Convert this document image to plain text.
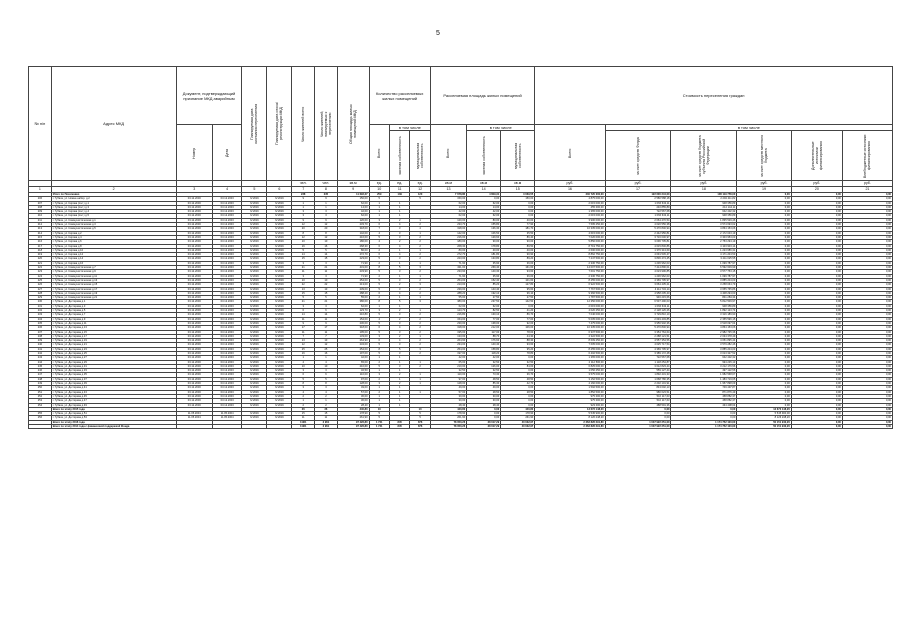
5
№ п/п	Адрес МКД	Документ, подтверждающий признание МКД аварийным		Планируемая дата окончания переселения	Планируемая дата сноса/реконструкции МКД	Число жителей всего	Число жителей, планируемых к переселению	Общая площадь жилых помещений МКД	Количество расселяемых жилых помещений			Расселяемая площадь жилых помещений			Стоимость переселения граждан					

		Номер	Дата						Всего	в том числе		Всего	в том числе		Всего	в том числе				

										частная собственность	муниципальная собственность		частная собственность	муниципальная собственность		за счет средств Фонда	за счет средств бюджета субъекта Российской Федерации	за счет средств местного бюджета	Дополнительные источники финансирования	Внебюджетные источники финансирования

						чел.	чел.	кв.м	ед.	ед.	ед.	кв.м	кв.м	кв.м	руб.	руб.	руб.	руб.	руб.	руб.
1	2	3	4	5	6	7	8	9	10	11	12	13	14	15	16	17	18	19	20	21
	Итого по Поселению					238	235	11 692,27	259	139	120	7 678,86	4 609,31	3 069,55	230 720 000,00	122 600 244,00	108 119 756,00	0,00	0,00	0,00
206	г. Губаха, ул. Нижне-набер. д.2	03.12.2003	03.12.2003	IV.2016	IV.2016	9	9	150,00	5		5	150,00	0,00	150,00	4 875 000,00	2 580 588,18	2 294 411,82	0,00	0,00	0,00
207	г. Губаха, ул. Кирова (пос.) д.1	03.12.2003	03.12.2003	IV.2016	IV.2016	1	1	62,00	1	1		62,00	62,00	0,00	2 015 000,00	1 066 643,11	948 356,89	0,00	0,00	0,00
208	г. Губаха, ул. Кирова (пос.) д.3	03.12.2003	03.12.2003	IV.2016	IV.2016	1	1	14,00	1	1		14,00	14,00	0,00	455 000,00	240 855,89	214 144,11	0,00	0,00	0,00
209	г. Губаха, ул. Кирова (пос.) д.4	03.12.2003	03.12.2003	IV.2016	IV.2016	3	3	42,00	1	1		42,00	42,00	0,00	1 365 000,00	722 567,68	642 432,32	0,00	0,00	0,00
210	г. Губаха, ул. Кирова (пос.) д.5	03.12.2003	03.12.2003	IV.2016	IV.2016	3	3	62,00	1	1		62,00	62,00	0,00	2 015 000,00	1 066 643,11	948 356,89	0,00	0,00	0,00
211	г. Губаха, ул. Коммунистическая д.1	03.12.2003	03.12.2003	IV.2016	IV.2016	9	9	120,00	3	2	1	120,00	80,00	40,00	3 900 000,00	2 064 470,54	1 835 529,46	0,00	0,00	0,00
212	г. Губаха, ул. Коммунистическая д.3	03.12.2003	03.12.2003	IV.2016	IV.2016	12	12	233,70	6	4	2	233,70	155,80	77,90	7 595 250,00	4 020 556,38	3 574 693,62	0,00	0,00	0,00
213	г. Губаха, ул. Коммунистическая д.5	03.12.2003	03.12.2003	IV.2016	IV.2016	20	20	318,00	7	3	4	318,00	136,30	181,70	10 335 000,00	5 470 846,94	4 864 153,06	0,00	0,00	0,00
214	г. Губаха, ул. Кирова д.2	03.12.2003	03.12.2003	IV.2016	IV.2016	8	8	142,00	4	3	1	142,00	106,50	35,50	4 615 000,00	2 442 956,81	2 172 043,19	0,00	0,00	0,00
215	г. Губаха, ул. Кирова д.4	03.12.2003	03.12.2003	IV.2016	IV.2016	12	12	216,00	5	3	2	216,00	129,60	86,40	7 020 000,00	3 716 046,97	3 303 953,03	0,00	0,00	0,00
216	г. Губаха, ул. Кирова д.6	03.12.2003	03.12.2003	IV.2016	IV.2016	10	10	180,00	4	2	2	180,00	90,00	90,00	5 850 000,00	3 096 705,81	2 753 294,19	0,00	0,00	0,00
217	г. Губаха, ул. Кирова д.8	03.12.2003	03.12.2003	IV.2016	IV.2016	16	16	268,30	6	4	2	268,30	178,80	89,50	8 719 750,00	4 615 846,86	4 103 903,14	0,00	0,00	0,00
218	г. Губаха, ул. Кирова д.10	03.12.2003	03.12.2003	IV.2016	IV.2016	5	5	80,00	2	1	1	80,00	40,00	40,00	2 600 000,00	1 376 313,69	1 223 686,31	0,00	0,00	0,00
219	г. Губаха, ул. Кирова д.12	03.12.2003	03.12.2003	IV.2016	IV.2016	14	14	272,70	6	4	2	272,70	181,80	90,90	8 862 750,00	4 691 545,47	4 171 204,53	0,00	0,00	0,00
220	г. Губаха, ул. Кирова д.14	03.12.2003	03.12.2003	IV.2016	IV.2016	15	15	223,00	5	3	2	223,00	133,80	89,20	7 247 500,00	3 836 474,45	3 411 025,55	0,00	0,00	0,00
221	г. Губаха, ул. Кирова д.16	03.12.2003	03.12.2003	IV.2016	IV.2016	3	3	71,90	2	1	1	71,90	35,90	36,00	2 336 750,00	1 236 962,03	1 099 787,97	0,00	0,00	0,00
222	г. Губаха, ул. Коммунистическая д.7	03.12.2003	03.12.2003	IV.2016	IV.2016	21	21	431,00	8	5	3	431,00	269,40	161,60	14 007 500,00	7 414 890,01	6 592 609,99	0,00	0,00	0,00
223	г. Губаха, ул. Коммунистическая д.9	03.12.2003	03.12.2003	IV.2016	IV.2016	11	11	233,90	5	3	2	233,90	140,30	93,60	7 601 750,00	4 023 996,85	3 577 753,15	0,00	0,00	0,00
224	г. Губаха, ул. Коммунистическая д.11	03.12.2003	03.12.2003	IV.2016	IV.2016	3	3	71,90	2	1	1	71,90	35,90	36,00	2 336 750,00	1 236 962,03	1 099 787,97	0,00	0,00	0,00
225	г. Губаха, ул. Коммунистическая д.13	03.12.2003	03.12.2003	IV.2016	IV.2016	10	10	254,00	5	3	2	254,00	152,40	101,60	8 255 000,00	4 369 795,97	3 885 204,03	0,00	0,00	0,00
226	г. Губаха, ул. Коммунистическая д.15	03.12.2003	03.12.2003	IV.2016	IV.2016	22	22	213,00	5	2	3	213,00	85,20	127,80	6 922 500,00	3 664 435,21	3 258 064,79	0,00	0,00	0,00
227	г. Губаха, ул. Коммунистическая д.17	03.12.2003	03.12.2003	IV.2016	IV.2016	13	13	239,00	5	3	2	239,00	143,40	95,60	7 767 500,00	4 111 734,14	3 655 765,86	0,00	0,00	0,00
228	г. Губаха, ул. Коммунистическая д.19	03.12.2003	03.12.2003	IV.2016	IV.2016	15	15	288,20	6	4	2	288,20	192,10	96,10	9 366 500,00	4 958 205,40	4 408 294,60	0,00	0,00	0,00
229	г. Губаха, ул. Коммунистическая д.21	03.12.2003	03.12.2003	IV.2016	IV.2016	5	5	55,00	2	1	1	55,00	27,50	27,50	1 787 500,00	946 215,66	841 284,34	0,00	0,00	0,00
230	г. Губаха, ул. Дегтярева д.1	03.12.2003	03.12.2003	IV.2016	IV.2016	21	21	380,00	8	5	3	380,00	237,50	142,50	12 350 000,00	6 537 490,03	5 812 509,97	0,00	0,00	0,00
231	г. Губаха, ул. Дегтярева д.3	03.12.2003	03.12.2003	IV.2016	IV.2016	3	3	62,00	1	1		62,00	62,00	0,00	2 015 000,00	1 066 643,11	948 356,89	0,00	0,00	0,00
232	г. Губаха, ул. Дегтярева д.5	03.12.2003	03.12.2003	IV.2016	IV.2016	6	6	123,70	3	2	1	123,70	82,50	41,20	4 020 250,00	2 128 126,26	1 892 123,74	0,00	0,00	0,00
233	г. Губаха, ул. Дегтярева д.7	03.12.2003	03.12.2003	IV.2016	IV.2016	14	14	216,80	5	3	2	216,80	130,10	86,70	7 046 000,00	3 729 810,10	3 316 189,90	0,00	0,00	0,00
234	г. Губаха, ул. Дегтярева д.9	03.12.2003	03.12.2003	IV.2016	IV.2016	11	11	154,00	4	2	2	154,00	77,00	77,00	5 005 000,00	2 649 403,85	2 355 596,15	0,00	0,00	0,00
235	г. Губаха, ул. Дегтярева д.11	03.12.2003	03.12.2003	IV.2016	IV.2016	9	9	230,00	5	3	2	230,00	138,00	92,00	7 475 000,00	3 956 902,36	3 518 097,64	0,00	0,00	0,00
236	г. Губаха, ул. Дегтярева д.13	03.12.2003	03.12.2003	IV.2016	IV.2016	17	17	318,00	6	4	2	318,00	212,00	106,00	10 335 000,00	5 470 846,94	4 864 153,06	0,00	0,00	0,00
237	г. Губаха, ул. Дегтярева д.15	03.12.2003	03.12.2003	IV.2016	IV.2016	11	11	195,00	5	3	2	195,00	117,00	78,00	6 337 500,00	3 354 764,64	2 982 735,36	0,00	0,00	0,00
238	г. Губаха, ул. Дегтярева д.17	03.12.2003	03.12.2003	IV.2016	IV.2016	7	7	133,00	3	2	1	133,00	88,70	44,30	4 322 500,00	2 288 121,51	2 034 378,49	0,00	0,00	0,00
239	г. Губаха, ул. Дегтярева д.19	03.12.2003	03.12.2003	IV.2016	IV.2016	13	13	264,90	6	4	2	264,90	176,60	88,30	8 609 250,00	4 557 354,56	4 051 895,44	0,00	0,00	0,00
240	г. Губаха, ул. Дегтярева д.21	03.12.2003	03.12.2003	IV.2016	IV.2016	12	12	234,00	5	3	2	234,00	140,40	93,60	7 605 000,00	4 025 717,54	3 579 282,46	0,00	0,00	0,00
241	г. Губаха, ул. Дегтярева д.23	03.12.2003	03.12.2003	IV.2016	IV.2016	25	25	254,00	8	5	3	254,00	158,80	95,20	8 255 000,00	4 369 795,97	3 885 204,03	0,00	0,00	0,00
242	г. Губаха, ул. Дегтярева д.25	03.12.2003	03.12.2003	IV.2016	IV.2016	16	16	197,00	5	3	2	197,00	118,20	78,80	6 402 500,00	3 389 172,48	3 013 327,52	0,00	0,00	0,00
243	г. Губаха, ул. Дегтярева д.27	03.12.2003	03.12.2003	IV.2016	IV.2016	1	1	42,00	1	1		42,00	42,00	0,00	1 365 000,00	722 567,68	642 432,32	0,00	0,00	0,00
244	г. Губаха, ул. Дегтярева д.29	03.12.2003	03.12.2003	IV.2016	IV.2016	4	4	65,00	2	1	1	65,00	32,50	32,50	2 112 500,00	1 118 254,87	994 245,13	0,00	0,00	0,00
245	г. Губаха, ул. Дегтярева д.31	03.12.2003	03.12.2003	IV.2016	IV.2016	10	10	210,00	5	3	2	210,00	126,00	84,00	6 825 000,00	3 612 823,44	3 212 176,56	0,00	0,00	0,00
246	г. Губаха, ул. Дегтярева д.33	03.12.2003	03.12.2003	IV.2016	IV.2016	3	3	32,50	1	1		32,50	32,50	0,00	1 056 250,00	559 127,44	497 122,56	0,00	0,00	0,00
247	г. Губаха, ул. Дегтярева д.35	03.12.2003	03.12.2003	IV.2016	IV.2016	6	6	110,00	3	2	1	110,00	73,30	36,70	3 575 000,00	1 892 431,33	1 682 568,67	0,00	0,00	0,00
248	г. Губаха, ул. Дегтярева д.37	03.12.2003	03.12.2003	IV.2016	IV.2016	5	5	97,00	2	1	1	97,00	48,50	48,50	3 152 500,00	1 668 780,35	1 483 719,65	0,00	0,00	0,00
249	г. Губаха, ул. Дегтярева д.39	03.12.2003	03.12.2003	IV.2016	IV.2016	8	8	128,00	3	2	1	128,00	85,30	42,70	4 160 000,00	2 202 101,91	1 957 898,09	0,00	0,00	0,00
250	г. Губаха, ул. Дегтярева д.41	03.12.2003	03.12.2003	IV.2016	IV.2016	3	3	49,00	1	1		49,00	49,00	0,00	1 592 500,00	843 002,13	749 497,87	0,00	0,00	0,00
251	г. Губаха, ул. Дегтярева д.43	03.12.2003	03.12.2003	IV.2016	IV.2016	4	4	57,00	2	1	1	57,00	28,50	28,50	1 852 500,00	980 623,51	871 876,49	0,00	0,00	0,00
252	г. Губаха, ул. Дегтярева д.45	03.12.2003	03.12.2003	IV.2016	IV.2016	2	2	30,00	1	1		30,00	30,00	0,00	975 000,00	516 117,63	458 882,37	0,00	0,00	0,00
253	г. Губаха, ул. Дегтярева д.47	03.12.2003	03.12.2003	IV.2016	IV.2016	1	1	30,00	1	1		30,00	30,00	0,00	975 000,00	516 117,63	458 882,37	0,00	0,00	0,00
254	г. Губаха, ул. Дегтярева д.49	03.12.2003	03.12.2003	IV.2016	IV.2016	2	2	28,40	1	1		28,40	28,40	0,00	923 000,00	488 591,36	434 408,64	0,00	0,00	0,00
	Всего по этапу 2015 года					26	26	440,80	10		10	440,80	0,00	440,80	13 672 148,20	0,00	0,00	13 672 148,20	0,00	0,00
255	г. Губаха, ул. Дегтярева д.51	11.05.2004	11.05.2004	IV.2016	IV.2016	15	15	178,90	5		5	178,90	0,00	178,90	5 545 900,00	0,00	0,00	5 545 900,00	0,00	0,00
256	г. Губаха, ул. Дегтярева д.53	11.05.2004	11.05.2004	IV.2016	IV.2016	11	11	261,90	5		5	261,90	0,00	261,90	8 126 248,20	0,00	0,00	8 126 248,20	0,00	0,00
	Всего по этапу 2016 года					3 961	3 961	97 426,80	1 721	845	876	78 050,26	38 017,29	40 032,97	2 262 826 291,80	1 037 922 251,00	1 174 752 100,60	50 151 940,20	0,00	0,00
	Всего по этапу 2014 года с финансовой поддержкой Фонда					3 961	3 961	97 426,80	1 721	845	876	78 050,26	38 017,29	40 032,97	2 262 826 291,80	1 037 922 251,00	1 174 752 100,60	50 151 940,20	0,00	0,00
